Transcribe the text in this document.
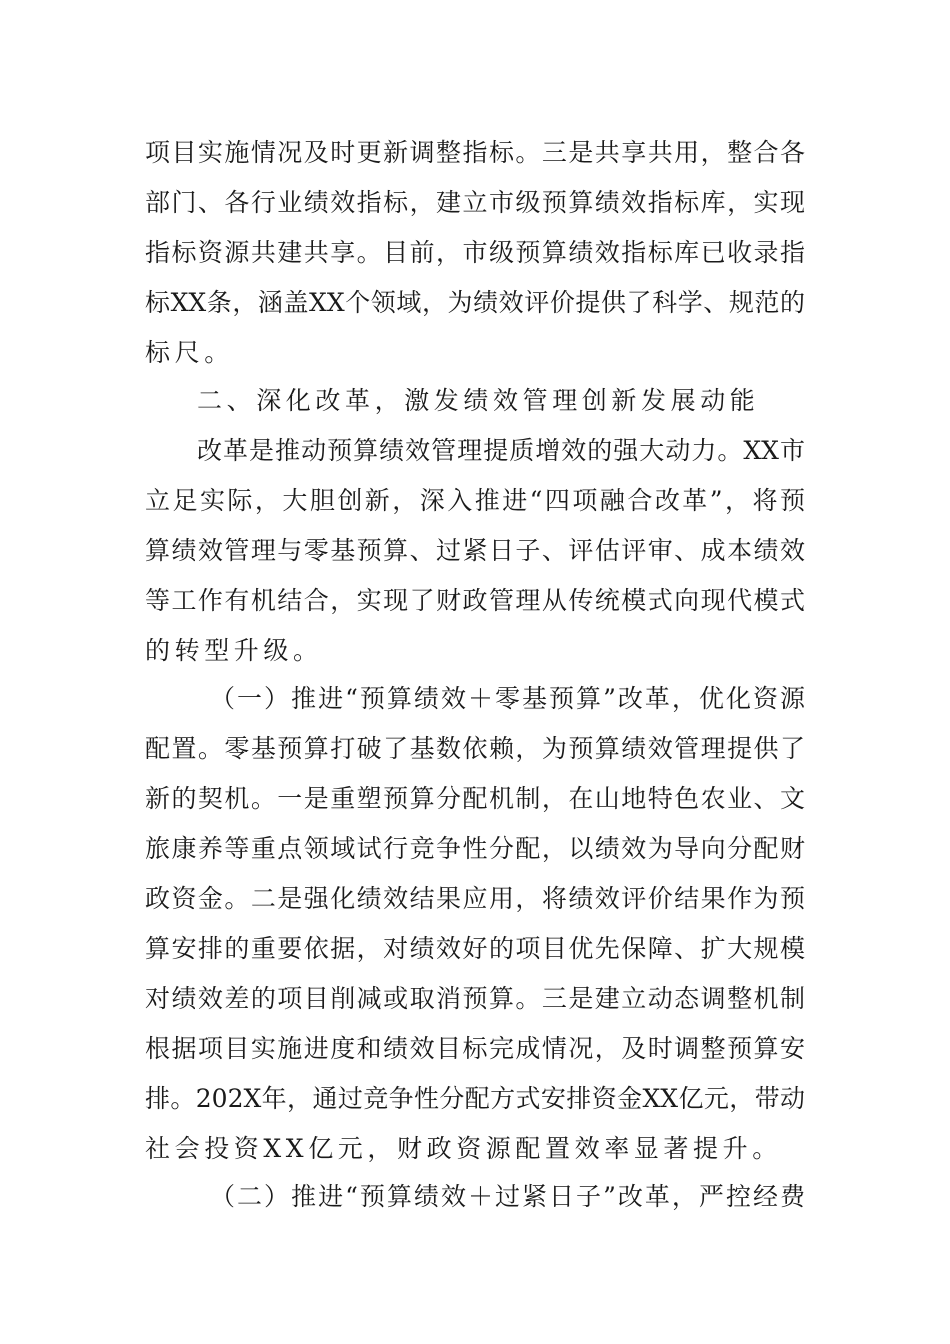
项目实施情况及时更新调整指标。三是共享共用，整合各
部门、各行业绩效指标，建立市级预算绩效指标库，实现
指标资源共建共享。目前，市级预算绩效指标库已收录指
标XX条，涵盖XX个领域，为绩效评价提供了科学、规范的
标尺。
二、深化改革，激发绩效管理创新发展动能
改革是推动预算绩效管理提质增效的强大动力。XX市
立足实际，大胆创新，深入推进“四项融合改革”，将预
算绩效管理与零基预算、过紧日子、评估评审、成本绩效
等工作有机结合，实现了财政管理从传统模式向现代模式
的转型升级。
（一）推进“预算绩效＋零基预算”改革，优化资源
配置。零基预算打破了基数依赖，为预算绩效管理提供了
新的契机。一是重塑预算分配机制，在山地特色农业、文
旅康养等重点领域试行竞争性分配，以绩效为导向分配财
政资金。二是强化绩效结果应用，将绩效评价结果作为预
算安排的重要依据，对绩效好的项目优先保障、扩大规模
对绩效差的项目削减或取消预算。三是建立动态调整机制
根据项目实施进度和绩效目标完成情况，及时调整预算安
排。202X年，通过竞争性分配方式安排资金XX亿元，带动
社会投资XX亿元，财政资源配置效率显著提升。
（二）推进“预算绩效＋过紧日子”改革，严控经费
